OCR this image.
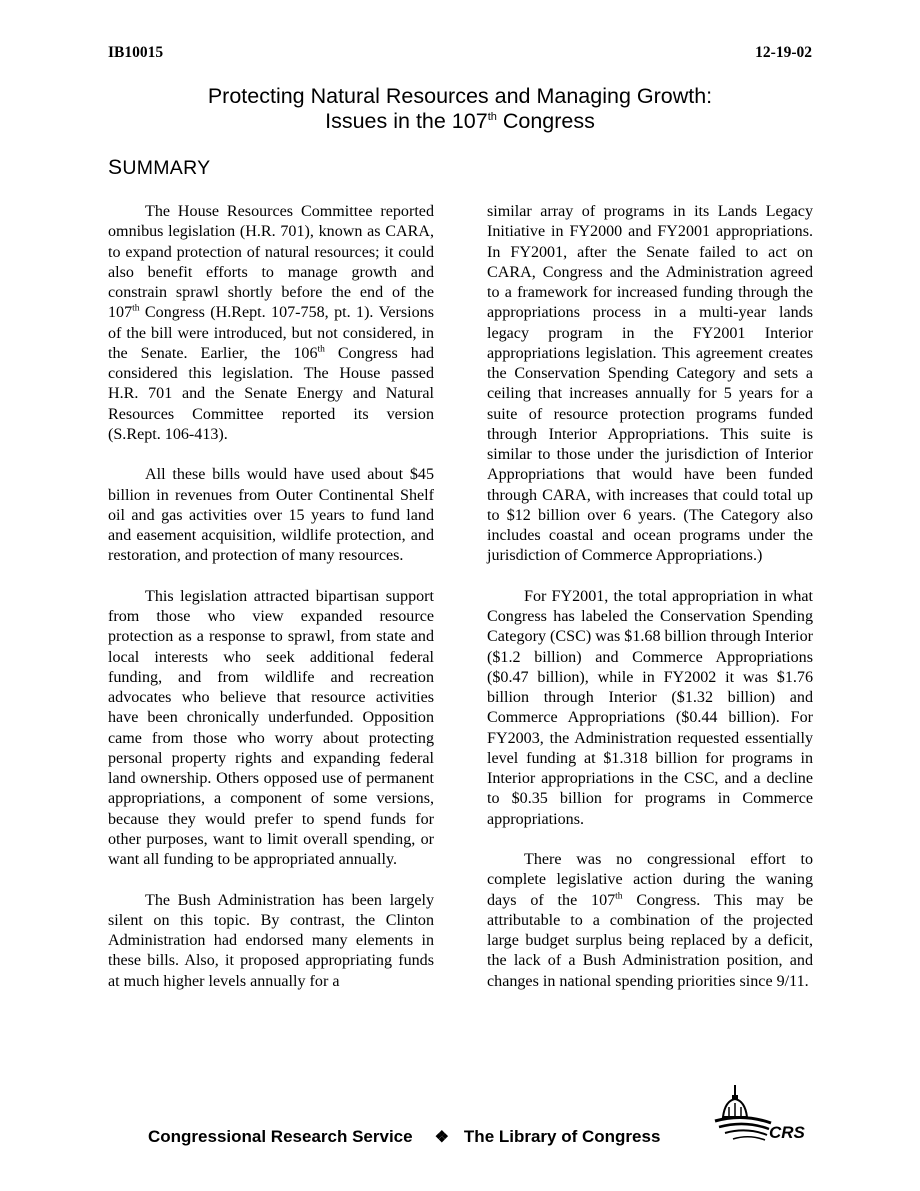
IB10015	12-19-02
Protecting Natural Resources and Managing Growth:
Issues in the 107th Congress
SUMMARY

The House Resources Committee reported omnibus legislation (H.R. 701), known as CARA, to expand protection of natural resources; it could also benefit efforts to manage growth and constrain sprawl shortly before the end of the 107th Congress (H.Rept. 107-758, pt. 1). Versions of the bill were introduced, but not considered, in the Senate. Earlier, the 106th Congress had considered this legislation. The House passed H.R. 701 and the Senate Energy and Natural Resources Committee reported its version (S.Rept. 106-413).

All these bills would have used about $45 billion in revenues from Outer Continental Shelf oil and gas activities over 15 years to fund land and easement acquisition, wildlife protection, and restoration, and protection of many resources.

This legislation attracted bipartisan support from those who view expanded resource protection as a response to sprawl, from state and local interests who seek additional federal funding, and from wildlife and recreation advocates who believe that resource activities have been chronically underfunded. Opposition came from those who worry about protecting personal property rights and expanding federal land ownership. Others opposed use of permanent appropriations, a component of some versions, because they would prefer to spend funds for other purposes, want to limit overall spending, or want all funding to be appropriated annually.

The Bush Administration has been largely silent on this topic. By contrast, the Clinton Administration had endorsed many elements in these bills. Also, it proposed appropriating funds at much higher levels annually for a

similar array of programs in its Lands Legacy Initiative in FY2000 and FY2001 appropriations. In FY2001, after the Senate failed to act on CARA, Congress and the Administration agreed to a framework for increased funding through the appropriations process in a multi-year lands legacy program in the FY2001 Interior appropriations legislation. This agreement creates the Conservation Spending Category and sets a ceiling that increases annually for 5 years for a suite of resource protection programs funded through Interior Appropriations. This suite is similar to those under the jurisdiction of Interior Appropriations that would have been funded through CARA, with increases that could total up to $12 billion over 6 years. (The Category also includes coastal and ocean programs under the jurisdiction of Commerce Appropriations.)

For FY2001, the total appropriation in what Congress has labeled the Conservation Spending Category (CSC) was $1.68 billion through Interior ($1.2 billion) and Commerce Appropriations ($0.47 billion), while in FY2002 it was $1.76 billion through Interior ($1.32 billion) and Commerce Appropriations ($0.44 billion). For FY2003, the Administration requested essentially level funding at $1.318 billion for programs in Interior appropriations in the CSC, and a decline to $0.35 billion for programs in Commerce appropriations.

There was no congressional effort to complete legislative action during the waning days of the 107th Congress. This may be attributable to a combination of the projected large budget surplus being replaced by a deficit, the lack of a Bush Administration position, and changes in national spending priorities since 9/11.

Congressional Research Service ❖ The Library of Congress	CRS
